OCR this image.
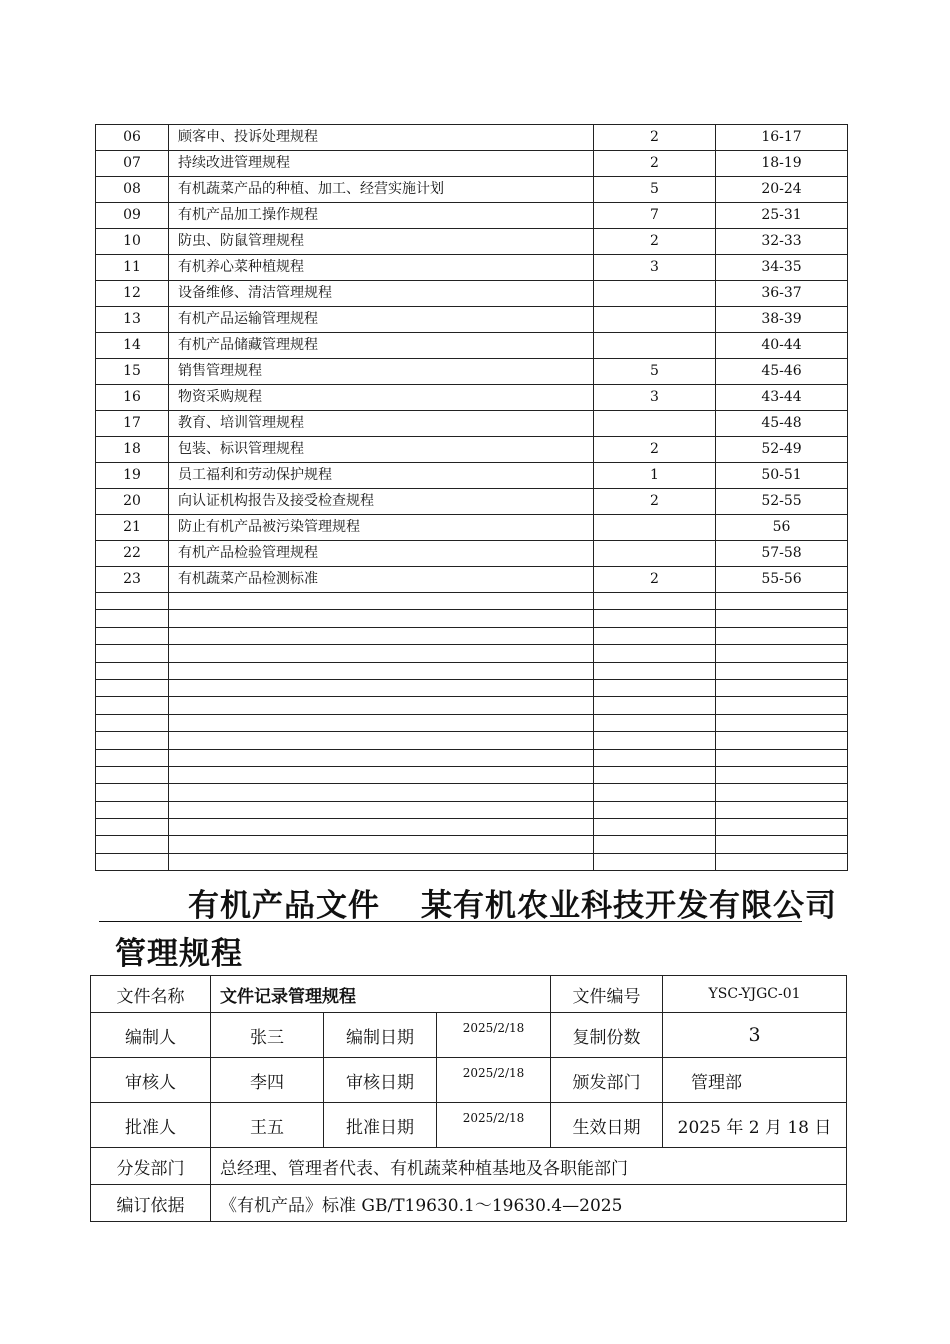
06	顾客申、投诉处理规程	2	16-17
07	持续改进管理规程	2	18-19
08	有机蔬菜产品的种植、加工、经营实施计划	5	20-24
09	有机产品加工操作规程	7	25-31
10	防虫、防鼠管理规程	2	32-33
11	有机养心菜种植规程	3	34-35
12	设备维修、清洁管理规程		36-37
13	有机产品运输管理规程		38-39
14	有机产品储藏管理规程		40-44
15	销售管理规程	5	45-46
16	物资采购规程	3	43-44
17	教育、培训管理规程		45-48
18	包装、标识管理规程	2	52-49
19	员工福利和劳动保护规程	1	50-51
20	向认证机构报告及接受检查规程	2	52-55
21	防止有机产品被污染管理规程		56
22	有机产品检验管理规程		57-58
23	有机蔬菜产品检测标准	2	55-56

有机产品文件 某有机农业科技开发有限公司
管理规程
文件名称	文件记录管理规程			文件编号	YSC-YJGC-01
编制人	张三	编制日期	2025/2/18	复制份数	3
审核人	李四	审核日期	2025/2/18	颁发部门	管理部
批准人	王五	批准日期	2025/2/18	生效日期	2025 年 2 月 18 日
分发部门	总经理、管理者代表、有机蔬菜种植基地及各职能部门				
编订依据	《有机产品》标准 GB/T19630.1～19630.4—2025				
